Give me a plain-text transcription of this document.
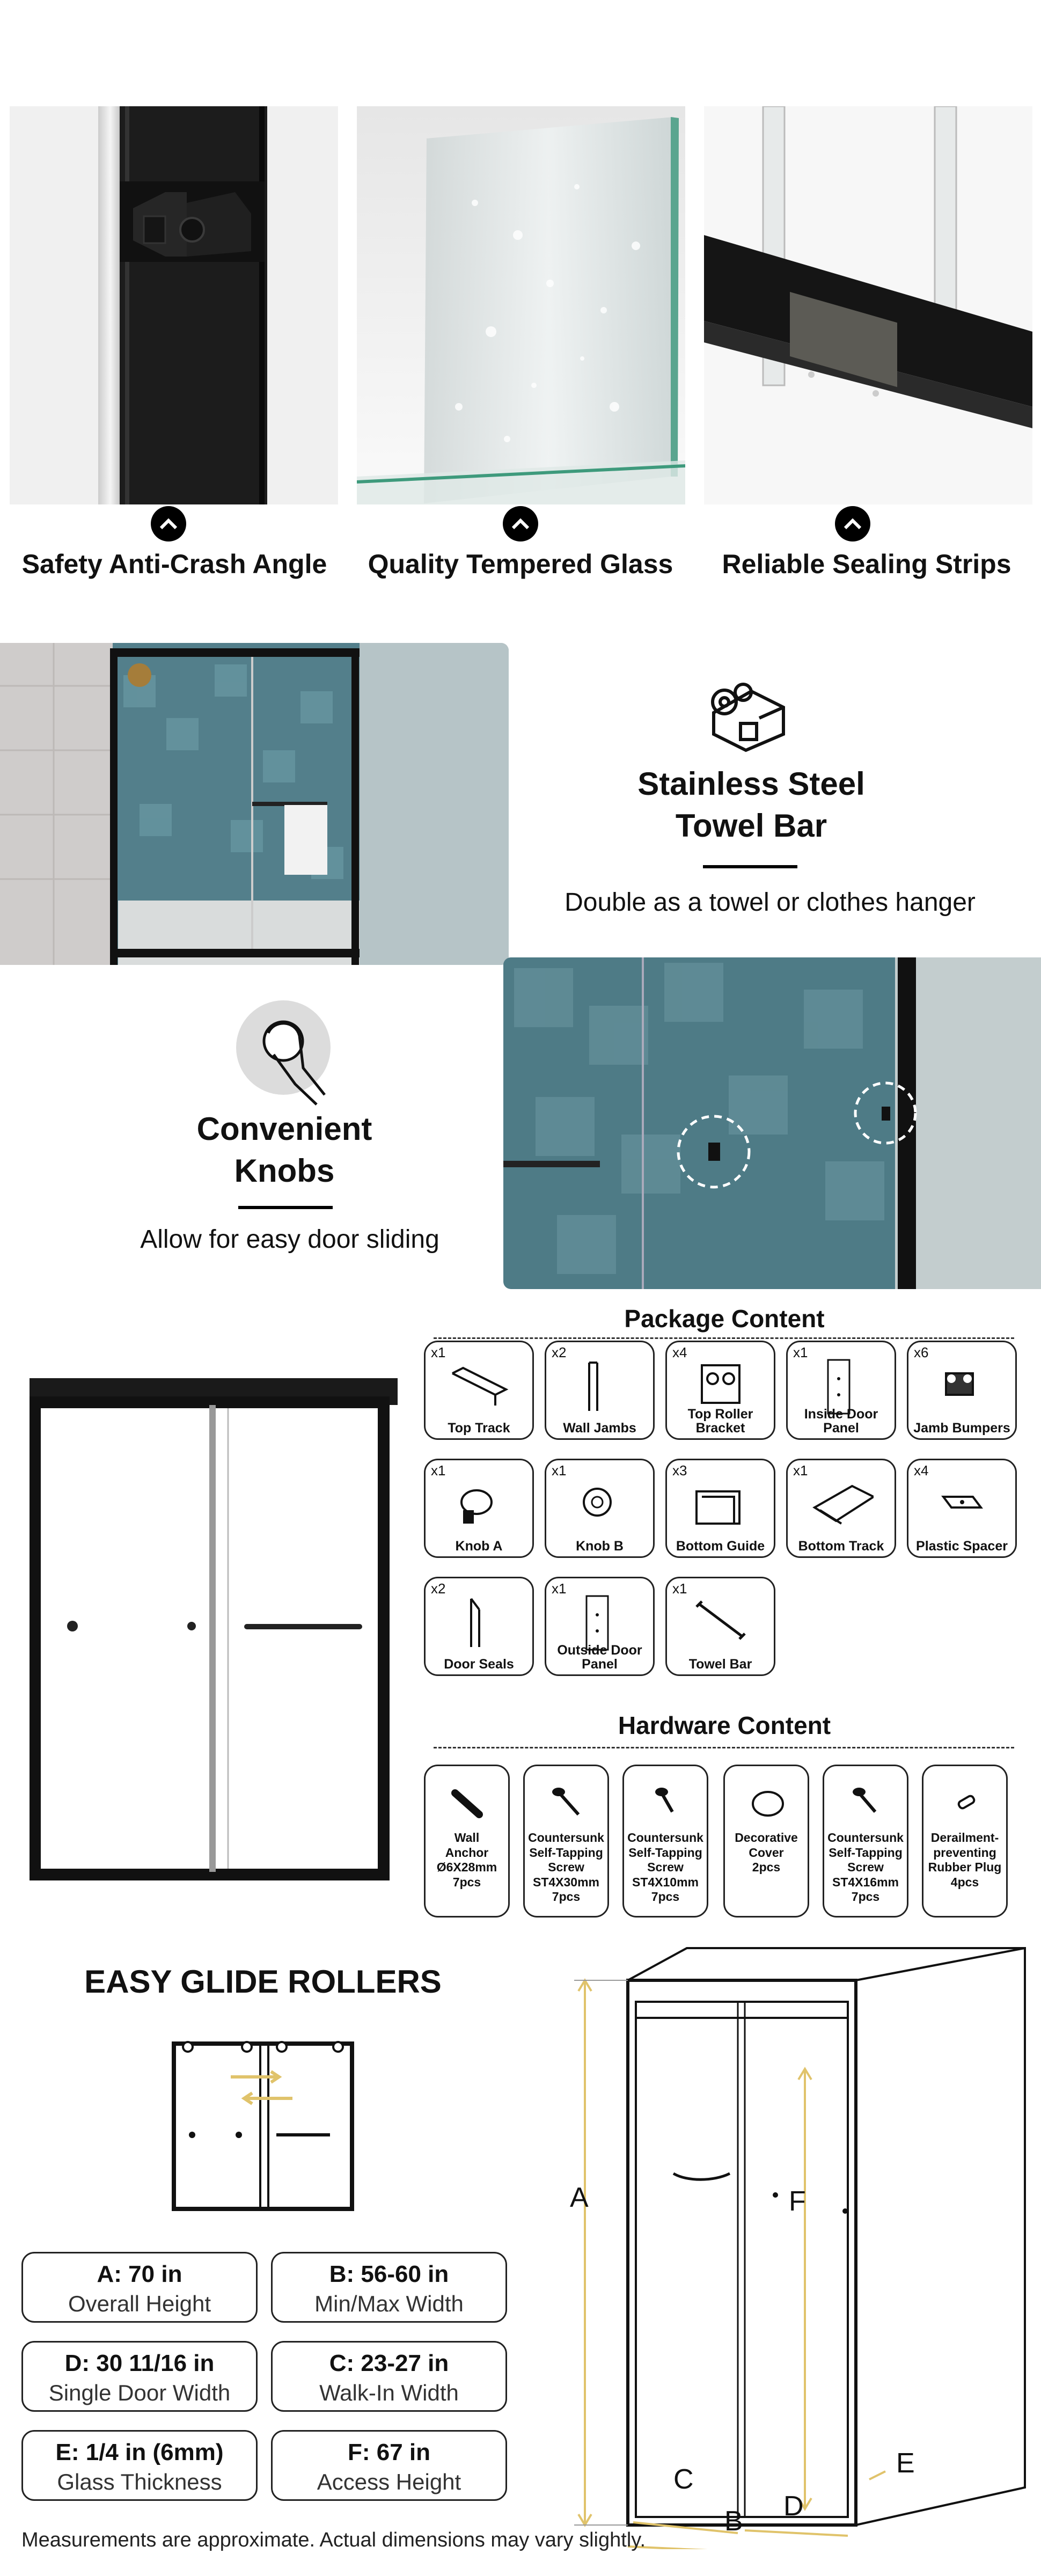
Safety Anti-Crash Angle	Quality Tempered Glass	Reliable Sealing Strips
Stainless Steel
Towel Bar
Double as a towel or clothes hanger
Convenient
Knobs
Allow for easy door sliding
Package Content
x1
Top Track
x2
Wall Jambs
x4
Top Roller Bracket
x1
Inside Door Panel
x6
Jamb Bumpers
x1
Knob A
x1
Knob B
x3
Bottom Guide
x1
Bottom Track
x4
Plastic Spacer
x2
Door Seals
x1
Outside Door Panel
x1
Towel Bar
Hardware Content
Wall
Anchor
Ø6X28mm
7pcs
Countersunk
Self-Tapping
Screw
ST4X30mm
7pcs
Countersunk
Self-Tapping
Screw
ST4X10mm
7pcs
Decorative
Cover
2pcs
Countersunk
Self-Tapping
Screw
ST4X16mm
7pcs
Derailment-
preventing
Rubber Plug
4pcs
EASY GLIDE ROLLERS
A: 70 in
Overall Height
B: 56-60 in
Min/Max Width
D: 30 11/16 in
Single Door Width
C: 23-27 in
Walk-In Width
E: 1/4 in (6mm)
Glass Thickness
F: 67 in
Access Height
A	F
E
C
D
B
Measurements are approximate. Actual dimensions may vary slightly.
